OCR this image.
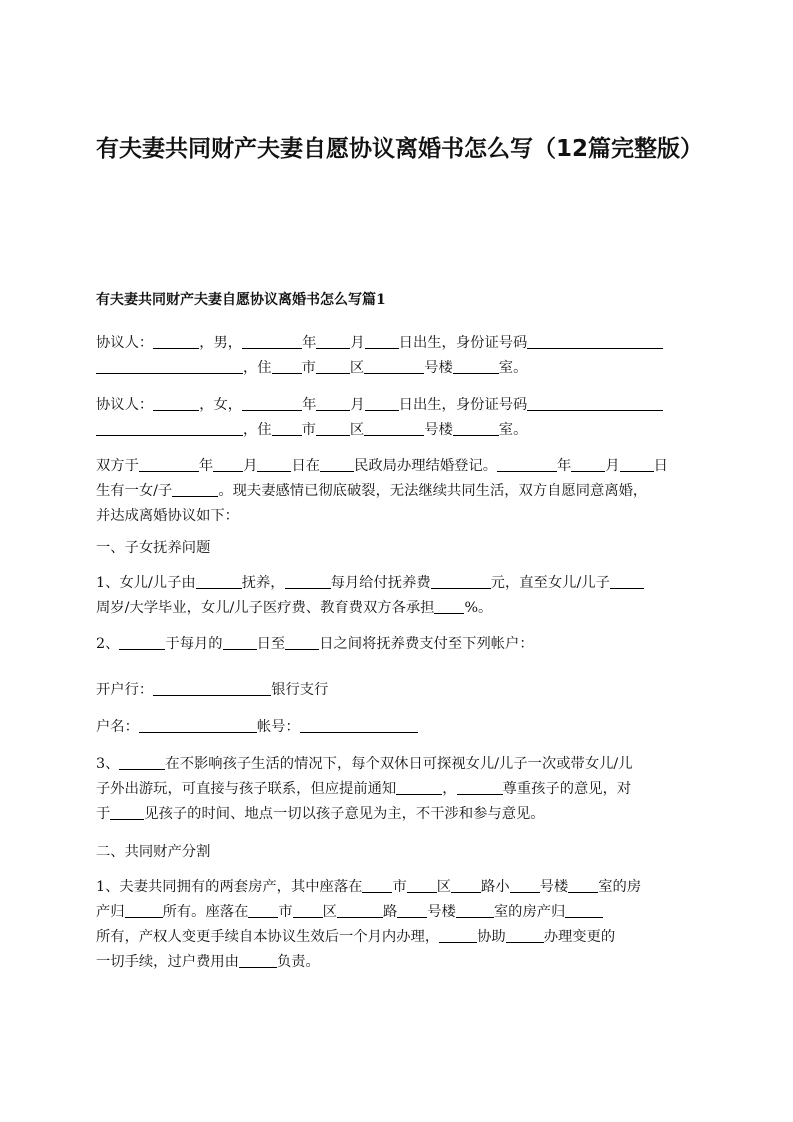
有夫妻共同财产夫妻自愿协议离婚书怎么写（12篇完整版）
有夫妻共同财产夫妻自愿协议离婚书怎么写篇1
协议人：	，男，	年 月 日出生，身份证号码
，住 市 区	号楼	室。
协议人：	，女，	年 月 日出生，身份证号码
，住 市 区	号楼	室。
双方于	年 月 日在 民政局办理结婚登记。	年 月 日
生有一女/子	。现夫妻感情已彻底破裂，无法继续共同生活，双方自愿同意离婚，
并达成离婚协议如下：
一、子女抚养问题
1、女儿/儿子由	抚养，	每月给付抚养费	元，直至女儿/儿子
周岁/大学毕业，女儿/儿子医疗费、教育费双方各承担 %。
2、	于每月的 日至 日之间将抚养费支付至下列帐户：
开户行：	银行支行
户名：	帐号：
3、	在不影响孩子生活的情况下，每个双休日可探视女儿/儿子一次或带女儿/儿
子外出游玩，可直接与孩子联系，但应提前通知	，	尊重孩子的意见，对
于 见孩子的时间、地点一切以孩子意见为主，不干涉和参与意见。
二、共同财产分割
1、夫妻共同拥有的两套房产，其中座落在 市 区 路小 号楼 室的房
产归	所有。座落在 市 区	路 号楼	室的房产归
所有，产权人变更手续自本协议生效后一个月内办理，	协助	办理变更的
一切手续，过户费用由	负责。
